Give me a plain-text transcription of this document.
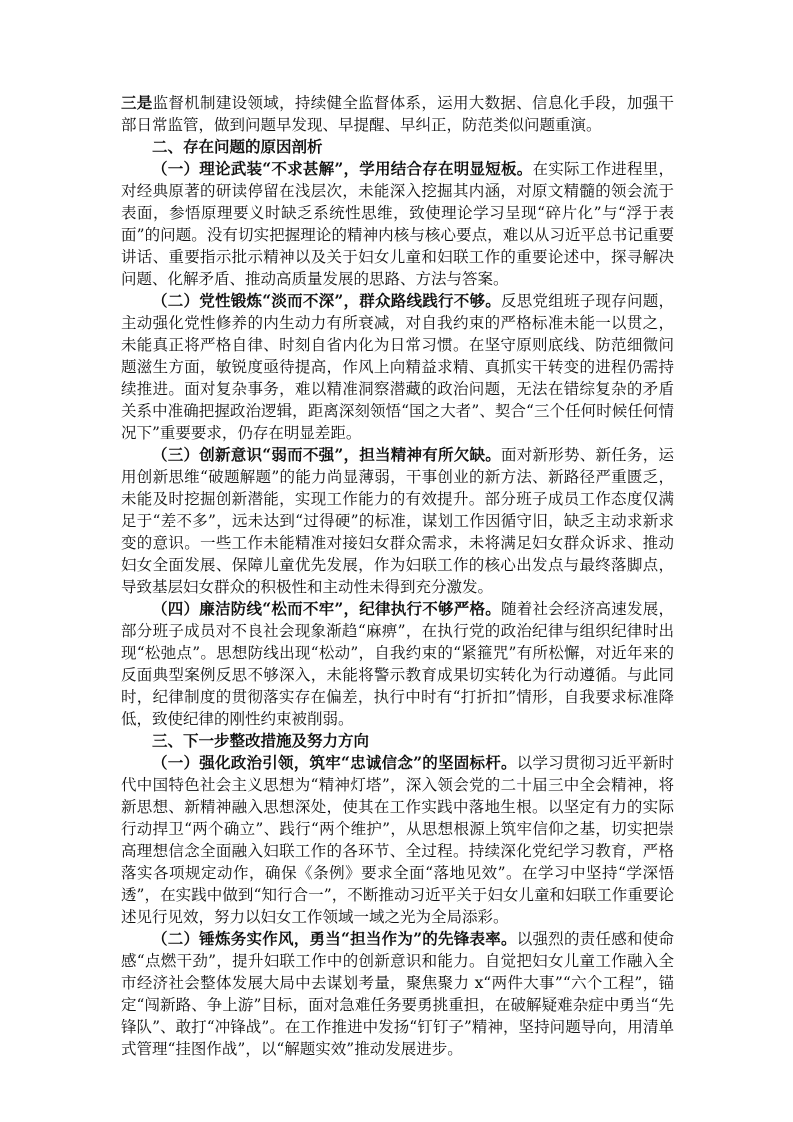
三是监督机制建设领域，持续健全监督体系，运用大数据、信息化手段，加强干部日常监管，做到问题早发现、早提醒、早纠正，防范类似问题重演。

二、存在问题的原因剖析

（一）理论武装“不求甚解”，学用结合存在明显短板。在实际工作进程里，对经典原著的研读停留在浅层次，未能深入挖掘其内涵，对原文精髓的领会流于表面，参悟原理要义时缺乏系统性思维，致使理论学习呈现“碎片化”与“浮于表面”的问题。没有切实把握理论的精神内核与核心要点，难以从习近平总书记重要讲话、重要指示批示精神以及关于妇女儿童和妇联工作的重要论述中，探寻解决问题、化解矛盾、推动高质量发展的思路、方法与答案。

（二）党性锻炼“淡而不深”，群众路线践行不够。反思党组班子现存问题，主动强化党性修养的内生动力有所衰减，对自我约束的严格标准未能一以贯之，未能真正将严格自律、时刻自省内化为日常习惯。在坚守原则底线、防范细微问题滋生方面，敏锐度亟待提高，作风上向精益求精、真抓实干转变的进程仍需持续推进。面对复杂事务，难以精准洞察潜藏的政治问题，无法在错综复杂的矛盾关系中准确把握政治逻辑，距离深刻领悟“国之大者”、契合“三个任何时候任何情况下”重要要求，仍存在明显差距。

（三）创新意识“弱而不强”，担当精神有所欠缺。面对新形势、新任务，运用创新思维“破题解题”的能力尚显薄弱，干事创业的新方法、新路径严重匮乏，未能及时挖掘创新潜能，实现工作能力的有效提升。部分班子成员工作态度仅满足于“差不多”，远未达到“过得硬”的标准，谋划工作因循守旧，缺乏主动求新求变的意识。一些工作未能精准对接妇女群众需求，未将满足妇女群众诉求、推动妇女全面发展、保障儿童优先发展，作为妇联工作的核心出发点与最终落脚点，导致基层妇女群众的积极性和主动性未得到充分激发。

（四）廉洁防线“松而不牢”，纪律执行不够严格。随着社会经济高速发展，部分班子成员对不良社会现象渐趋“麻痹”，在执行党的政治纪律与组织纪律时出现“松弛点”。思想防线出现“松动”，自我约束的“紧箍咒”有所松懈，对近年来的反面典型案例反思不够深入，未能将警示教育成果切实转化为行动遵循。与此同时，纪律制度的贯彻落实存在偏差，执行中时有“打折扣”情形，自我要求标准降低，致使纪律的刚性约束被削弱。

三、下一步整改措施及努力方向

（一）强化政治引领，筑牢“忠诚信念”的坚固标杆。以学习贯彻习近平新时代中国特色社会主义思想为“精神灯塔”，深入领会党的二十届三中全会精神，将新思想、新精神融入思想深处，使其在工作实践中落地生根。以坚定有力的实际行动捍卫“两个确立”、践行“两个维护”，从思想根源上筑牢信仰之基，切实把崇高理想信念全面融入妇联工作的各环节、全过程。持续深化党纪学习教育，严格落实各项规定动作，确保《条例》要求全面“落地见效”。在学习中坚持“学深悟透”，在实践中做到“知行合一”，不断推动习近平关于妇女儿童和妇联工作重要论述见行见效，努力以妇女工作领域一域之光为全局添彩。

（二）锤炼务实作风，勇当“担当作为”的先锋表率。以强烈的责任感和使命感“点燃干劲”，提升妇联工作中的创新意识和能力。自觉把妇女儿童工作融入全市经济社会整体发展大局中去谋划考量，聚焦聚力 x“两件大事”“六个工程”，锚定“闯新路、争上游”目标，面对急难任务要勇挑重担，在破解疑难杂症中勇当“先锋队”、敢打“冲锋战”。在工作推进中发扬“钉钉子”精神，坚持问题导向，用清单式管理“挂图作战”，以“解题实效”推动发展进步。
